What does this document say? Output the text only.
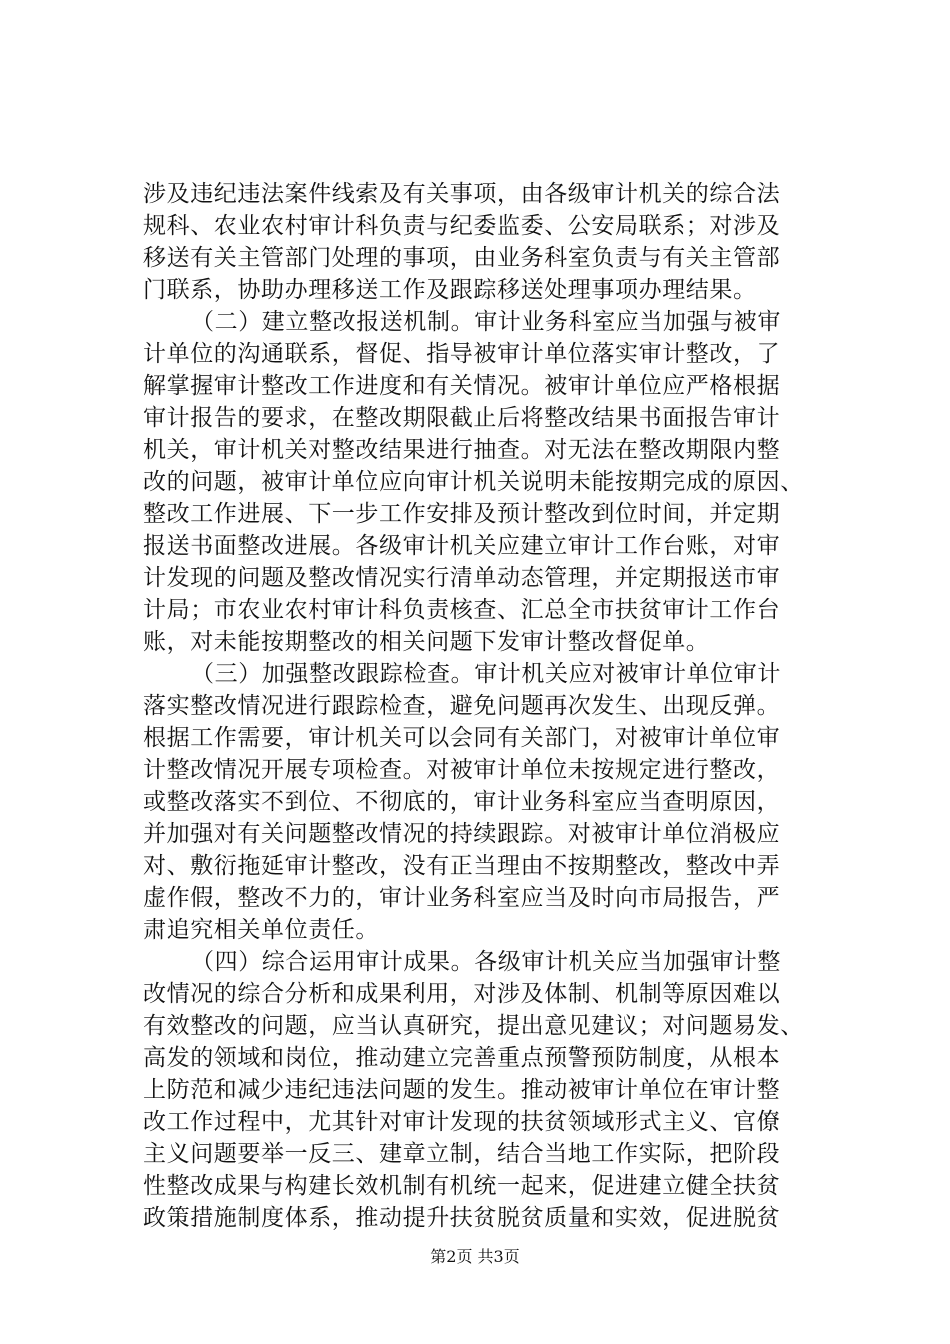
涉及违纪违法案件线索及有关事项，由各级审计机关的综合法
规科、农业农村审计科负责与纪委监委、公安局联系；对涉及
移送有关主管部门处理的事项，由业务科室负责与有关主管部
门联系，协助办理移送工作及跟踪移送处理事项办理结果。
（二）建立整改报送机制。审计业务科室应当加强与被审
计单位的沟通联系，督促、指导被审计单位落实审计整改，了
解掌握审计整改工作进度和有关情况。被审计单位应严格根据
审计报告的要求，在整改期限截止后将整改结果书面报告审计
机关，审计机关对整改结果进行抽查。对无法在整改期限内整
改的问题，被审计单位应向审计机关说明未能按期完成的原因、
整改工作进展、下一步工作安排及预计整改到位时间，并定期
报送书面整改进展。各级审计机关应建立审计工作台账，对审
计发现的问题及整改情况实行清单动态管理，并定期报送市审
计局；市农业农村审计科负责核查、汇总全市扶贫审计工作台
账，对未能按期整改的相关问题下发审计整改督促单。
（三）加强整改跟踪检查。审计机关应对被审计单位审计
落实整改情况进行跟踪检查，避免问题再次发生、出现反弹。
根据工作需要，审计机关可以会同有关部门，对被审计单位审
计整改情况开展专项检查。对被审计单位未按规定进行整改，
或整改落实不到位、不彻底的，审计业务科室应当查明原因，
并加强对有关问题整改情况的持续跟踪。对被审计单位消极应
对、敷衍拖延审计整改，没有正当理由不按期整改，整改中弄
虚作假，整改不力的，审计业务科室应当及时向市局报告，严
肃追究相关单位责任。
（四）综合运用审计成果。各级审计机关应当加强审计整
改情况的综合分析和成果利用，对涉及体制、机制等原因难以
有效整改的问题，应当认真研究，提出意见建议；对问题易发、
高发的领域和岗位，推动建立完善重点预警预防制度，从根本
上防范和减少违纪违法问题的发生。推动被审计单位在审计整
改工作过程中，尤其针对审计发现的扶贫领域形式主义、官僚
主义问题要举一反三、建章立制，结合当地工作实际，把阶段
性整改成果与构建长效机制有机统一起来，促进建立健全扶贫
政策措施制度体系，推动提升扶贫脱贫质量和实效，促进脱贫
第2页 共3页
